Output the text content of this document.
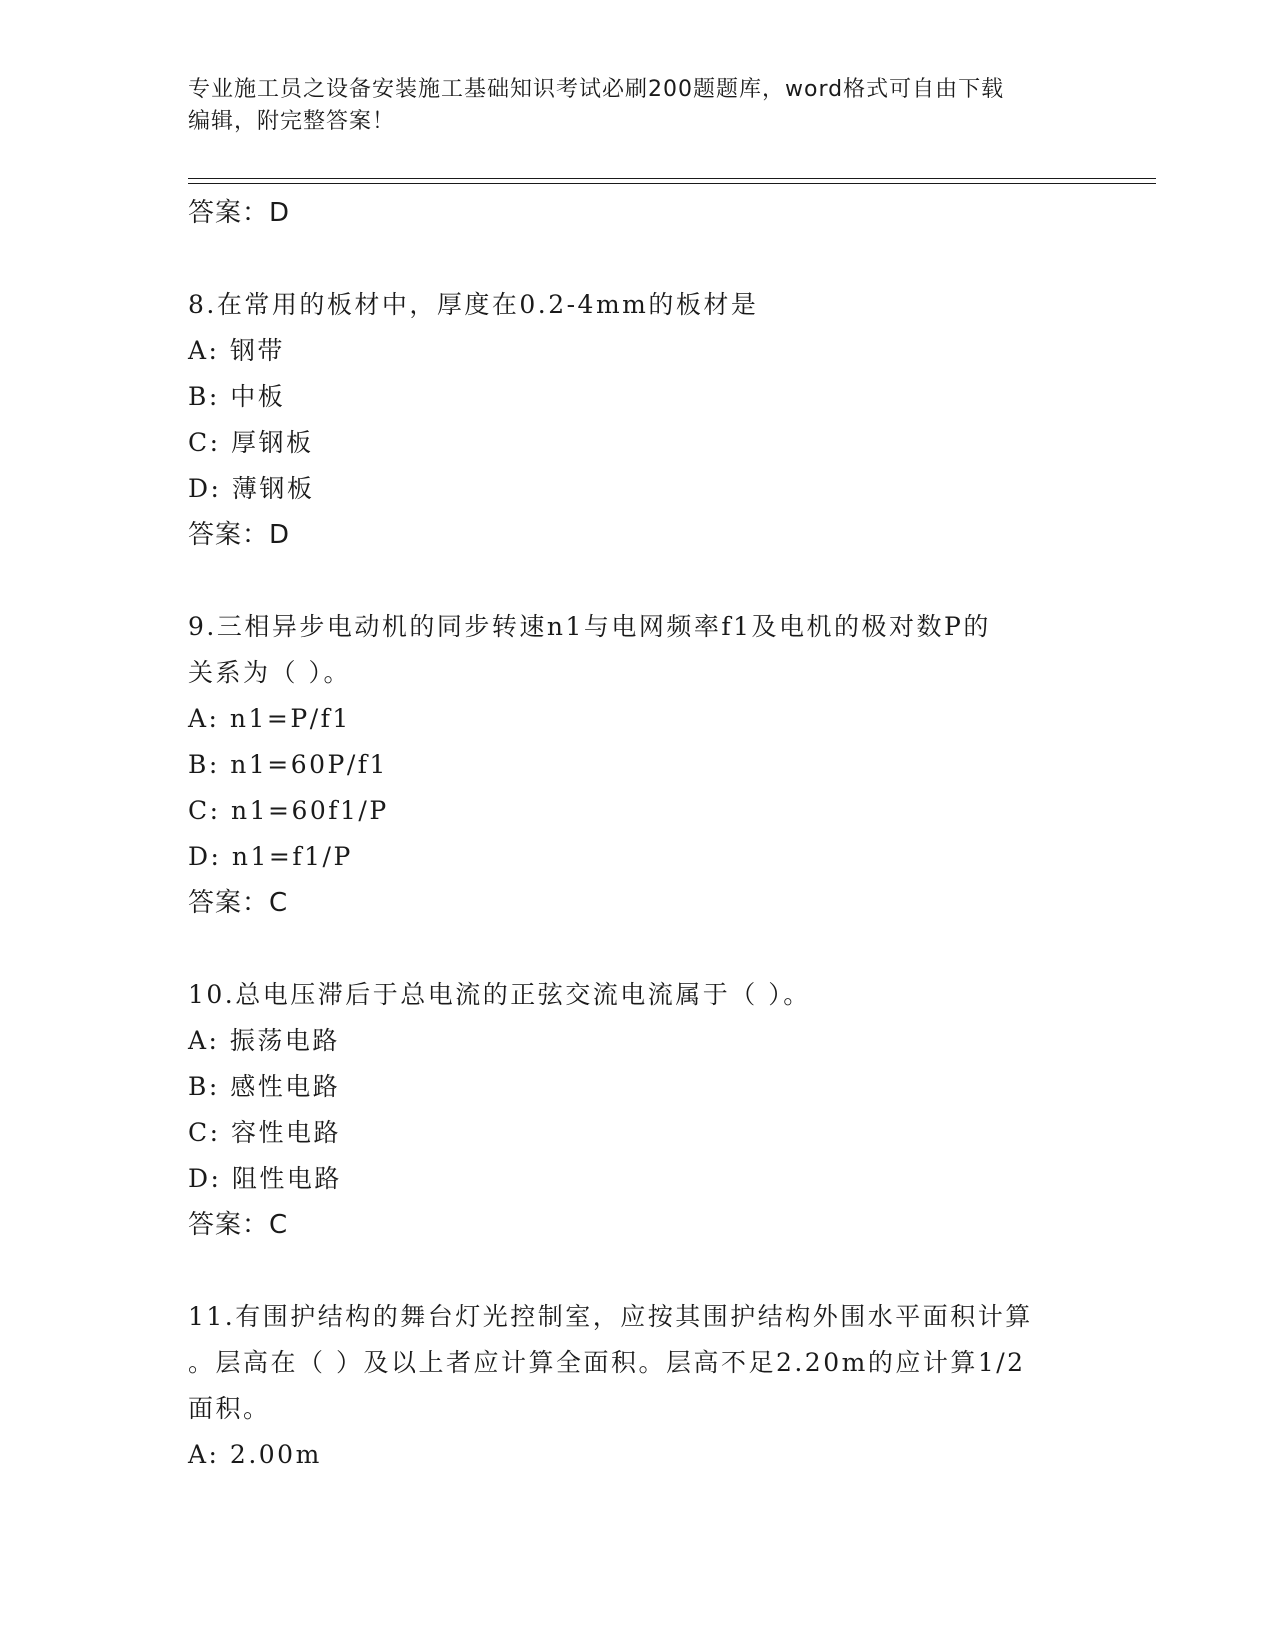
专业施工员之设备安装施工基础知识考试必刷200题题库，word格式可自由下载
编辑，附完整答案！

答案：D

8.在常用的板材中，厚度在0.2-4mm的板材是

A: 钢带

B: 中板

C: 厚钢板

D: 薄钢板

答案：D

9.三相异步电动机的同步转速n1与电网频率f1及电机的极对数P的

关系为（ ）。

A: n1=P/f1

B: n1=60P/f1

C: n1=60f1/P

D: n1=f1/P

答案：C

10.总电压滞后于总电流的正弦交流电流属于（ ）。

A: 振荡电路

B: 感性电路

C: 容性电路

D: 阻性电路

答案：C

11.有围护结构的舞台灯光控制室，应按其围护结构外围水平面积计算

。层高在（ ）及以上者应计算全面积。层高不足2.20m的应计算1/2

面积。

A: 2.00m
